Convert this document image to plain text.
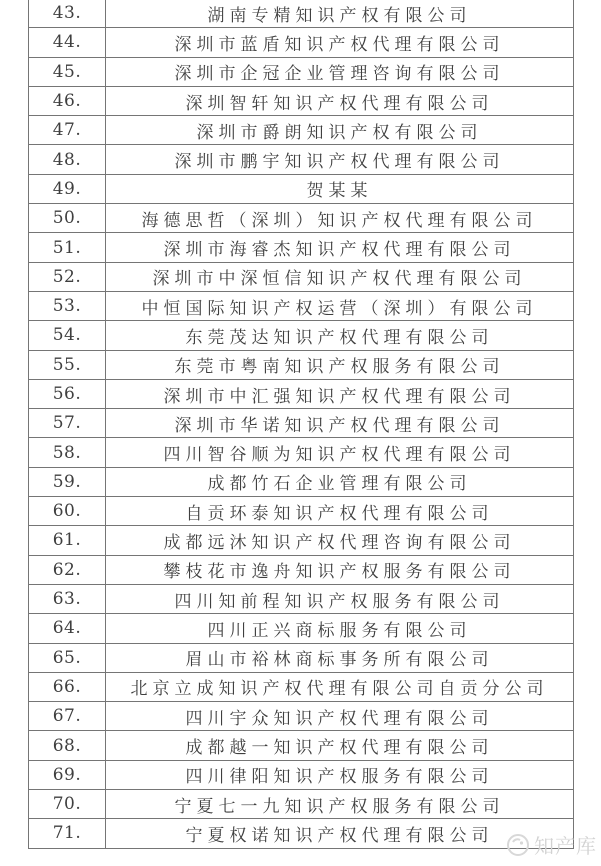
43.	湖南专精知识产权有限公司
44.	深圳市蓝盾知识产权代理有限公司
45.	深圳市企冠企业管理咨询有限公司
46.	深圳智轩知识产权代理有限公司
47.	深圳市爵朗知识产权有限公司
48.	深圳市鹏宇知识产权代理有限公司
49.	贺某某
50.	海德思哲（深圳）知识产权代理有限公司
51.	深圳市海睿杰知识产权代理有限公司
52.	深圳市中深恒信知识产权代理有限公司
53.	中恒国际知识产权运营（深圳）有限公司
54.	东莞茂达知识产权代理有限公司
55.	东莞市粤南知识产权服务有限公司
56.	深圳市中汇强知识产权代理有限公司
57.	深圳市华诺知识产权代理有限公司
58.	四川智谷顺为知识产权代理有限公司
59.	成都竹石企业管理有限公司
60.	自贡环泰知识产权代理有限公司
61.	成都远沐知识产权代理咨询有限公司
62.	攀枝花市逸舟知识产权服务有限公司
63.	四川知前程知识产权服务有限公司
64.	四川正兴商标服务有限公司
65.	眉山市裕林商标事务所有限公司
66.	北京立成知识产权代理有限公司自贡分公司
67.	四川宇众知识产权代理有限公司
68.	成都越一知识产权代理有限公司
69.	四川律阳知识产权服务有限公司
70.	宁夏七一九知识产权服务有限公司
71.	宁夏权诺知识产权代理有限公司 知产库
